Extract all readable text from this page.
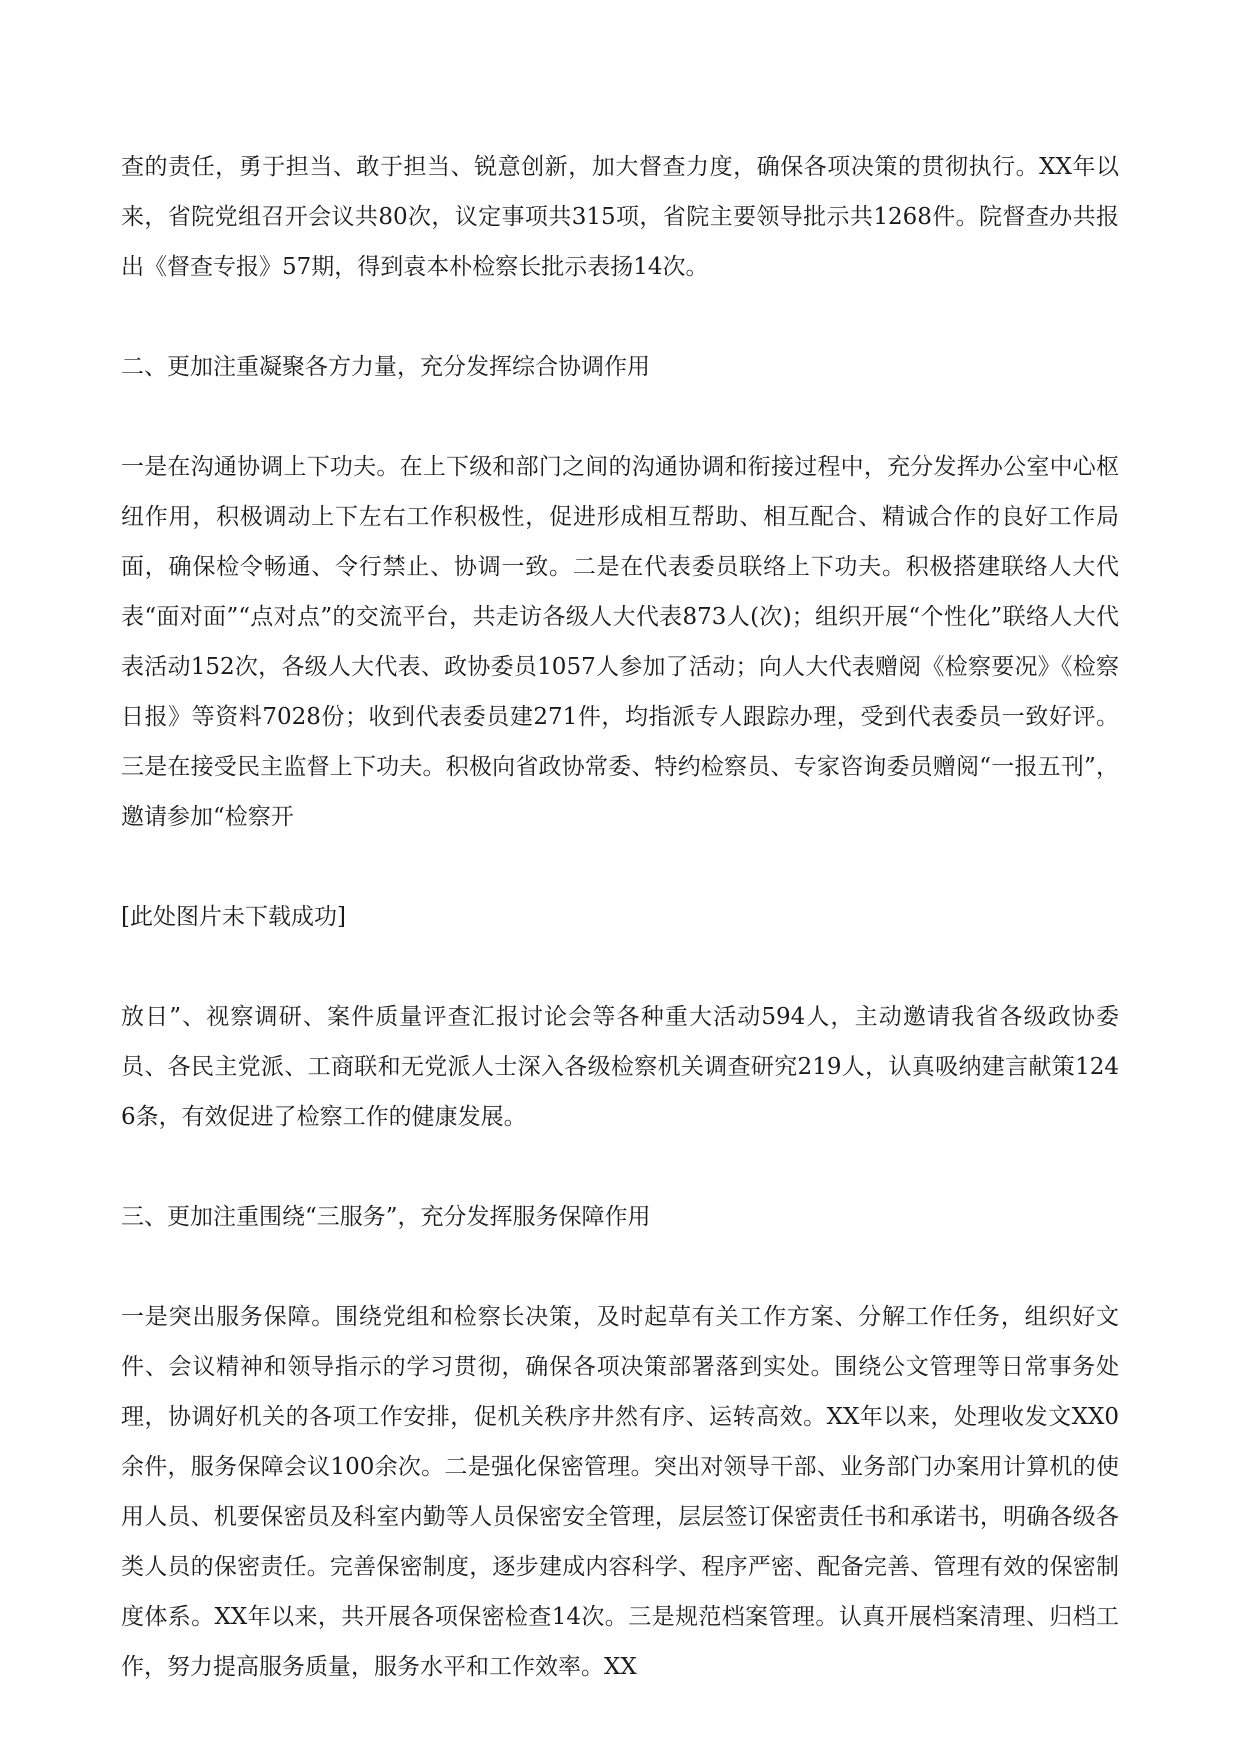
查的责任，勇于担当、敢于担当、锐意创新，加大督查力度，确保各项决策的贯彻执行。XX年以来，省院党组召开会议共80次，议定事项共315项，省院主要领导批示共1268件。院督查办共报出《督查专报》57期，得到袁本朴检察长批示表扬14次。

二、更加注重凝聚各方力量，充分发挥综合协调作用

一是在沟通协调上下功夫。在上下级和部门之间的沟通协调和衔接过程中，充分发挥办公室中心枢纽作用，积极调动上下左右工作积极性，促进形成相互帮助、相互配合、精诚合作的良好工作局面，确保检令畅通、令行禁止、协调一致。二是在代表委员联络上下功夫。积极搭建联络人大代表“面对面”“点对点”的交流平台，共走访各级人大代表873人(次)；组织开展“个性化”联络人大代表活动152次，各级人大代表、政协委员1057人参加了活动；向人大代表赠阅《检察要况》《检察日报》等资料7028份；收到代表委员建271件，均指派专人跟踪办理，受到代表委员一致好评。三是在接受民主监督上下功夫。积极向省政协常委、特约检察员、专家咨询委员赠阅“一报五刊”，邀请参加“检察开

[此处图片未下载成功]

放日”、视察调研、案件质量评查汇报讨论会等各种重大活动594人，主动邀请我省各级政协委员、各民主党派、工商联和无党派人士深入各级检察机关调查研究219人，认真吸纳建言献策1246条，有效促进了检察工作的健康发展。

三、更加注重围绕“三服务”，充分发挥服务保障作用

一是突出服务保障。围绕党组和检察长决策，及时起草有关工作方案、分解工作任务，组织好文件、会议精神和领导指示的学习贯彻，确保各项决策部署落到实处。围绕公文管理等日常事务处理，协调好机关的各项工作安排，促机关秩序井然有序、运转高效。XX年以来，处理收发文XX0余件，服务保障会议100余次。二是强化保密管理。突出对领导干部、业务部门办案用计算机的使用人员、机要保密员及科室内勤等人员保密安全管理，层层签订保密责任书和承诺书，明确各级各类人员的保密责任。完善保密制度，逐步建成内容科学、程序严密、配备完善、管理有效的保密制度体系。XX年以来，共开展各项保密检查14次。三是规范档案管理。认真开展档案清理、归档工作，努力提高服务质量，服务水平和工作效率。XX
